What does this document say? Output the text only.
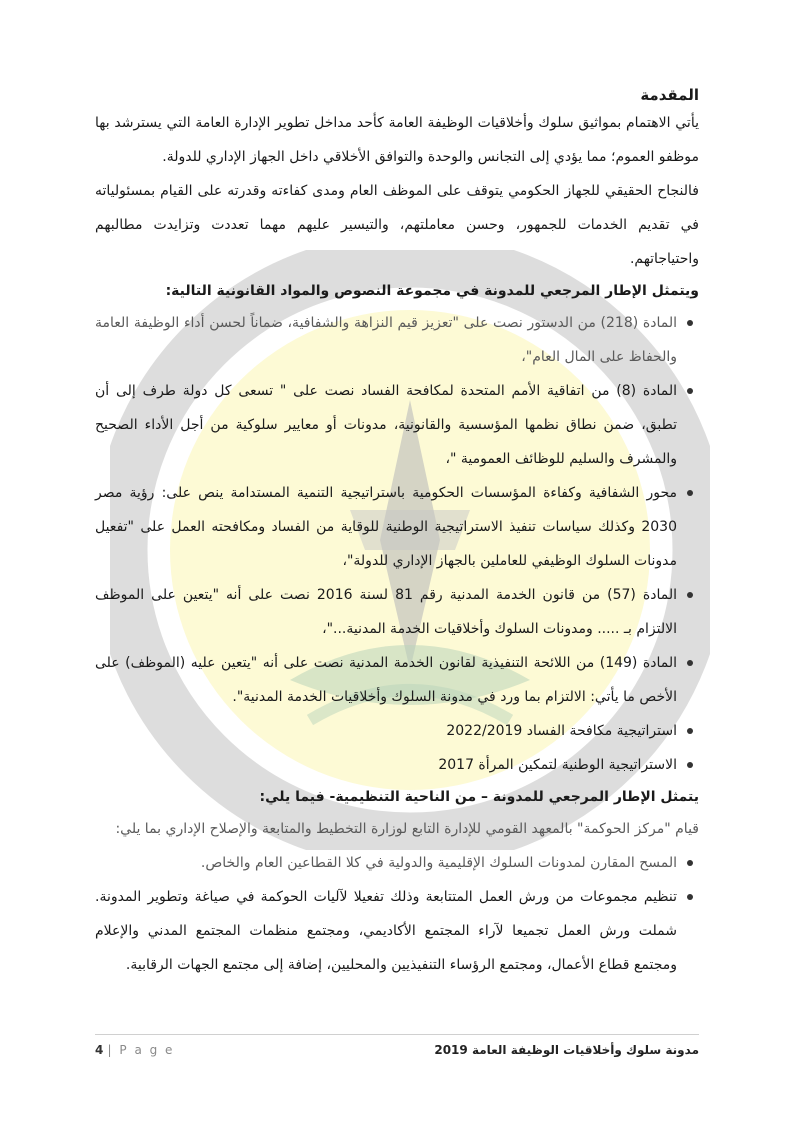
المقدمة

يأتي الاهتمام بمواثيق سلوك وأخلاقيات الوظيفة العامة كأحد مداخل تطوير الإدارة العامة التي يسترشد بها موظفو العموم؛ مما يؤدي إلى التجانس والوحدة والتوافق الأخلاقي داخل الجهاز الإداري للدولة.

فالنجاح الحقيقي للجهاز الحكومي يتوقف على الموظف العام ومدى كفاءته وقدرته على القيام بمسئولياته في تقديم الخدمات للجمهور، وحسن معاملتهم، والتيسير عليهم مهما تعددت وتزايدت مطالبهم واحتياجاتهم.

ويتمثل الإطار المرجعي للمدونة في مجموعة النصوص والمواد القانونية التالية:

المادة (218) من الدستور نصت على "تعزيز قيم النزاهة والشفافية، ضماناً لحسن أداء الوظيفة العامة والحفاظ على المال العام"،
المادة (8) من اتفاقية الأمم المتحدة لمكافحة الفساد نصت على " تسعى كل دولة طرف إلى أن تطبق، ضمن نطاق نظمها المؤسسية والقانونية، مدونات أو معايير سلوكية من أجل الأداء الصحيح والمشرف والسليم للوظائف العمومية "،
محور الشفافية وكفاءة المؤسسات الحكومية باستراتيجية التنمية المستدامة ينص على: رؤية مصر 2030 وكذلك سياسات تنفيذ الاستراتيجية الوطنية للوقاية من الفساد ومكافحته العمل على "تفعيل مدونات السلوك الوظيفي للعاملين بالجهاز الإداري للدولة"،
المادة (57) من قانون الخدمة المدنية رقم 81 لسنة 2016 نصت على أنه "يتعين على الموظف الالتزام بـ ..... ومدونات السلوك وأخلاقيات الخدمة المدنية..."،
المادة (149) من اللائحة التنفيذية لقانون الخدمة المدنية نصت على أنه "يتعين عليه (الموظف) على الأخص ما يأتي: الالتزام بما ورد في مدونة السلوك وأخلاقيات الخدمة المدنية".
استراتيجية مكافحة الفساد 2022/2019
الاستراتيجية الوطنية لتمكين المرأة 2017

يتمثل الإطار المرجعي للمدونة – من الناحية التنظيمية- فيما يلي:

قيام "مركز الحوكمة" بالمعهد القومي للإدارة التابع لوزارة التخطيط والمتابعة والإصلاح الإداري بما يلي:

المسح المقارن لمدونات السلوك الإقليمية والدولية في كلا القطاعين العام والخاص.
تنظيم مجموعات من ورش العمل المتتابعة وذلك تفعيلا لآليات الحوكمة في صياغة وتطوير المدونة. شملت ورش العمل تجميعا لآراء المجتمع الأكاديمي، ومجتمع منظمات المجتمع المدني والإعلام ومجتمع قطاع الأعمال، ومجتمع الرؤساء التنفيذيين والمحليين، إضافة إلى مجتمع الجهات الرقابية.
4 | P a g e	مدونة سلوك وأخلاقيات الوظيفة العامة 2019
